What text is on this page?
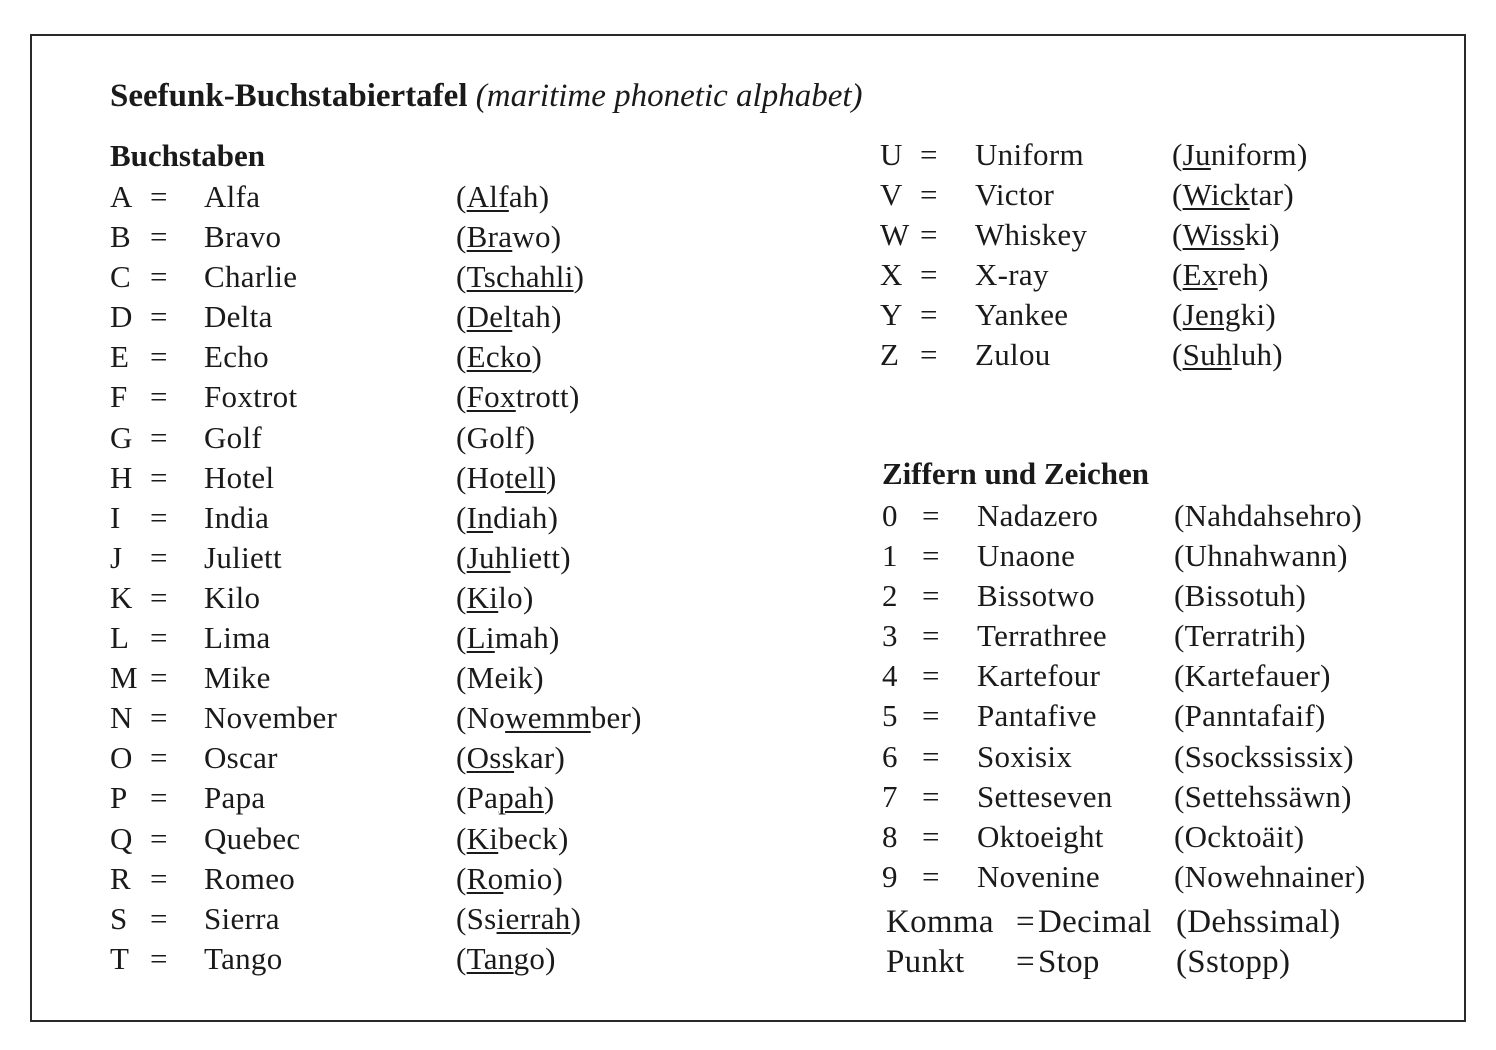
Seefunk-Buchstabiertafel (maritime phonetic alphabet)
Buchstaben
A = Alfa	(Alfah)
B = Bravo	(Brawo)
C = Charlie	(Tschahli)
D = Delta	(Deltah)
E = Echo	(Ecko)
F = Foxtrot	(Foxtrott)
G = Golf	(Golf)
H = Hotel	(Hotell)
I = India	(Indiah)
J = Juliett	(Juhliett)
K = Kilo	(Kilo)
L = Lima	(Limah)
M = Mike	(Meik)
N = November	(Nowemmber)
O = Oscar	(Osskar)
P = Papa	(Papah)
Q = Quebec	(Kibeck)
R = Romeo	(Romio)
S = Sierra	(Ssierrah)
T = Tango	(Tango)
U = Uniform	(Juniform)
V = Victor	(Wicktar)
W = Whiskey	(Wisski)
X = X-ray	(Exreh)
Y = Yankee	(Jengki)
Z = Zulou	(Suhluh)
Ziffern und Zeichen
0 = Nadazero (Nahdahsehro)
1 = Unaone	(Uhnahwann)
2 = Bissotwo	(Bissotuh)
3 = Terrathree (Terratrih)
4 = Kartefour (Kartefauer)
5 = Pantafive (Panntafaif)
6 = Soxisix	(Ssockssissix)
7 = Setteseven (Settehssäwn)
8 = Oktoeight (Ocktoäit)
9 = Novenine (Nowehnainer)
Komma = Decimal (Dehssimal)
Punkt = Stop (Sstopp)
